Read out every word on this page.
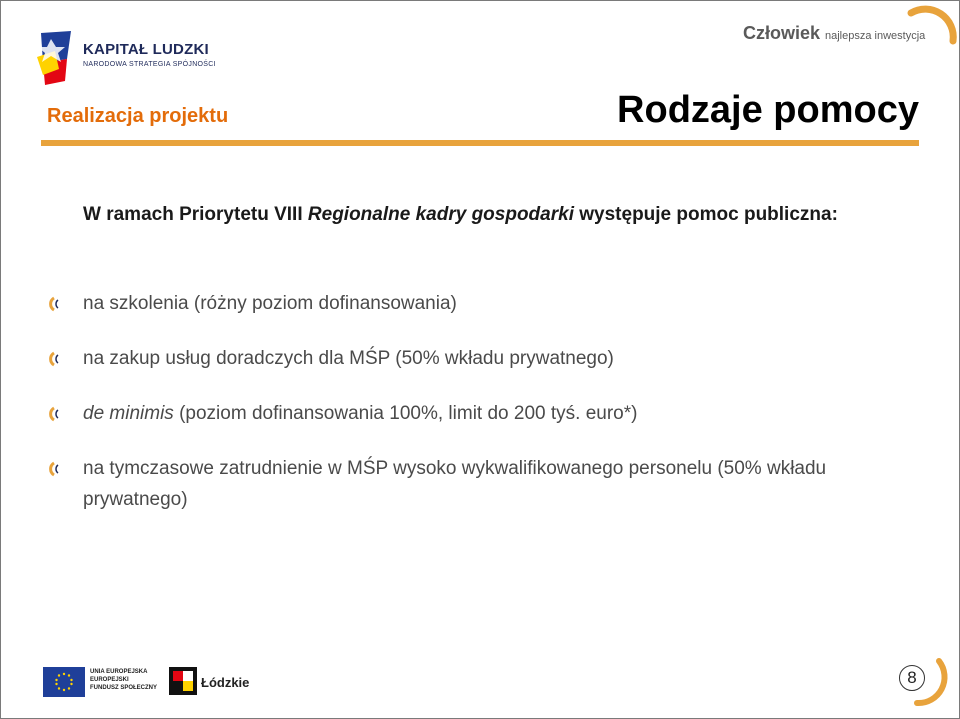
KAPITAŁ LUDZKI
NARODOWA STRATEGIA SPÓJNOŚCI
Człowiek najlepsza inwestycja
Realizacja projektu	Rodzaje pomocy
W ramach Priorytetu VIII Regionalne kadry gospodarki występuje pomoc publiczna:
na szkolenia (różny poziom dofinansowania)
na zakup usług doradczych dla MŚP (50% wkładu prywatnego)
de minimis (poziom dofinansowania 100%, limit do 200 tyś. euro*)
na tymczasowe zatrudnienie w MŚP wysoko wykwalifikowanego personelu (50% wkładu prywatnego)
UNIA EUROPEJSKA
EUROPEJSKI
FUNDUSZ SPOŁECZNY	Łódzkie	8
